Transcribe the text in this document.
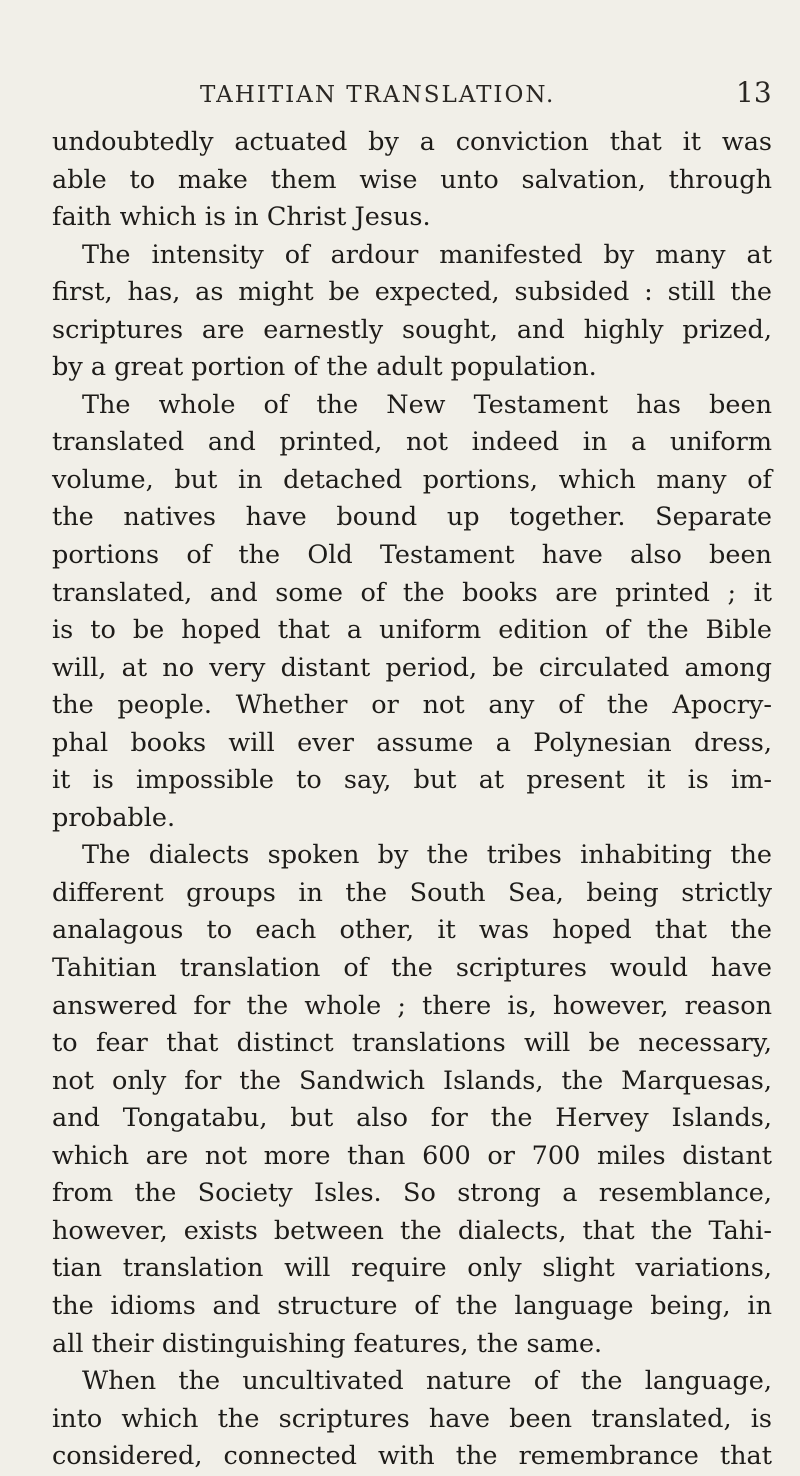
TAHITIAN TRANSLATION.	13
undoubtedly actuated by a conviction that it was
able to make them wise unto salvation, through
faith which is in Christ Jesus.
The intensity of ardour manifested by many at
first, has, as might be expected, subsided : still the
scriptures are earnestly sought, and highly prized,
by a great portion of the adult population.
The whole of the New Testament has been
translated and printed, not indeed in a uniform
volume, but in detached portions, which many of
the natives have bound up together. Separate
portions of the Old Testament have also been
translated, and some of the books are printed ; it
is to be hoped that a uniform edition of the Bible
will, at no very distant period, be circulated among
the people. Whether or not any of the Apocry-
phal books will ever assume a Polynesian dress,
it is impossible to say, but at present it is im-
probable.
The dialects spoken by the tribes inhabiting the
different groups in the South Sea, being strictly
analagous to each other, it was hoped that the
Tahitian translation of the scriptures would have
answered for the whole ; there is, however, reason
to fear that distinct translations will be necessary,
not only for the Sandwich Islands, the Marquesas,
and Tongatabu, but also for the Hervey Islands,
which are not more than 600 or 700 miles distant
from the Society Isles. So strong a resemblance,
however, exists between the dialects, that the Tahi-
tian translation will require only slight variations,
the idioms and structure of the language being, in
all their distinguishing features, the same.
When the uncultivated nature of the language,
into which the scriptures have been translated, is
considered, connected with the remembrance that
